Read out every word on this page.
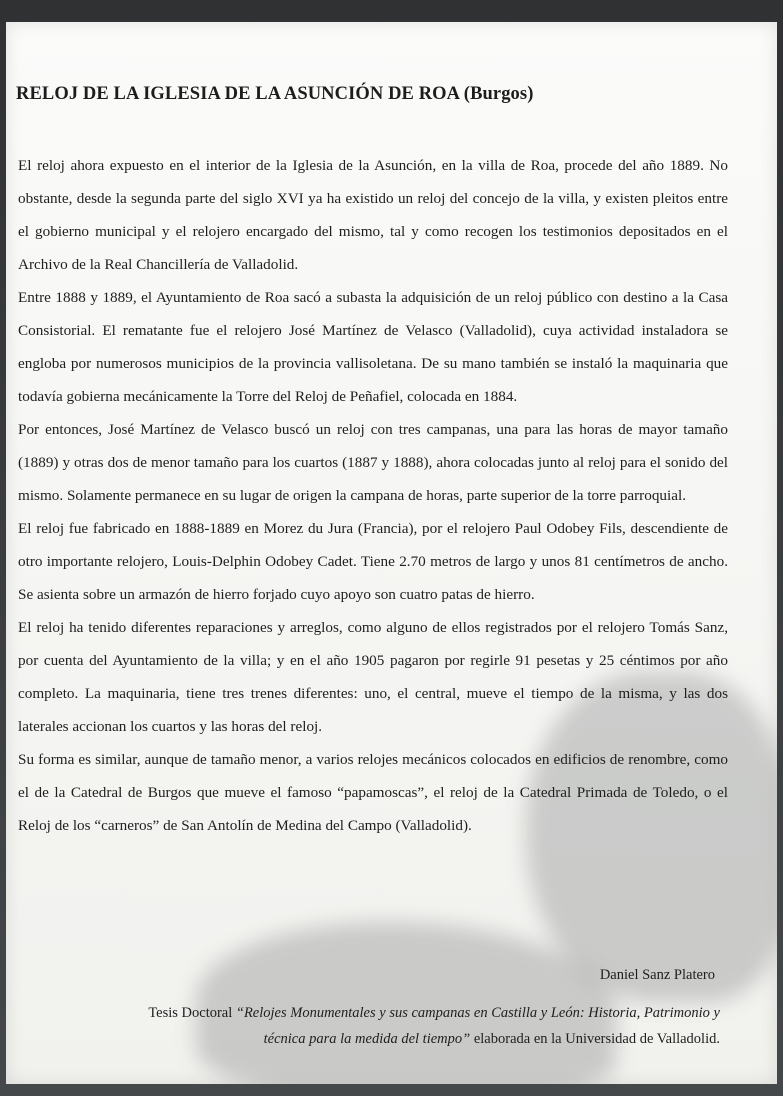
RELOJ DE LA IGLESIA DE LA ASUNCIÓN DE ROA (Burgos)

El reloj ahora expuesto en el interior de la Iglesia de la Asunción, en la villa de Roa, procede del año 1889. No obstante, desde la segunda parte del siglo XVI ya ha existido un reloj del concejo de la villa, y existen pleitos entre el gobierno municipal y el relojero encargado del mismo, tal y como recogen los testimonios depositados en el Archivo de la Real Chancillería de Valladolid.

Entre 1888 y 1889, el Ayuntamiento de Roa sacó a subasta la adquisición de un reloj público con destino a la Casa Consistorial. El rematante fue el relojero José Martínez de Velasco (Valladolid), cuya actividad instaladora se engloba por numerosos municipios de la provincia vallisoletana. De su mano también se instaló la maquinaria que todavía gobierna mecánicamente la Torre del Reloj de Peñafiel, colocada en 1884.

Por entonces, José Martínez de Velasco buscó un reloj con tres campanas, una para las horas de mayor tamaño (1889) y otras dos de menor tamaño para los cuartos (1887 y 1888), ahora colocadas junto al reloj para el sonido del mismo. Solamente permanece en su lugar de origen la campana de horas, parte superior de la torre parroquial.

El reloj fue fabricado en 1888-1889 en Morez du Jura (Francia), por el relojero Paul Odobey Fils, descendiente de otro importante relojero, Louis-Delphin Odobey Cadet. Tiene 2.70 metros de largo y unos 81 centímetros de ancho. Se asienta sobre un armazón de hierro forjado cuyo apoyo son cuatro patas de hierro.

El reloj ha tenido diferentes reparaciones y arreglos, como alguno de ellos registrados por el relojero Tomás Sanz, por cuenta del Ayuntamiento de la villa; y en el año 1905 pagaron por regirle 91 pesetas y 25 céntimos por año completo. La maquinaria, tiene tres trenes diferentes: uno, el central, mueve el tiempo de la misma, y las dos laterales accionan los cuartos y las horas del reloj.

Su forma es similar, aunque de tamaño menor, a varios relojes mecánicos colocados en edificios de renombre, como el de la Catedral de Burgos que mueve el famoso “papamoscas”, el reloj de la Catedral Primada de Toledo, o el Reloj de los “carneros” de San Antolín de Medina del Campo (Valladolid).

Daniel Sanz Platero
Tesis Doctoral “Relojes Monumentales y sus campanas en Castilla y León: Historia, Patrimonio y
técnica para la medida del tiempo” elaborada en la Universidad de Valladolid.
